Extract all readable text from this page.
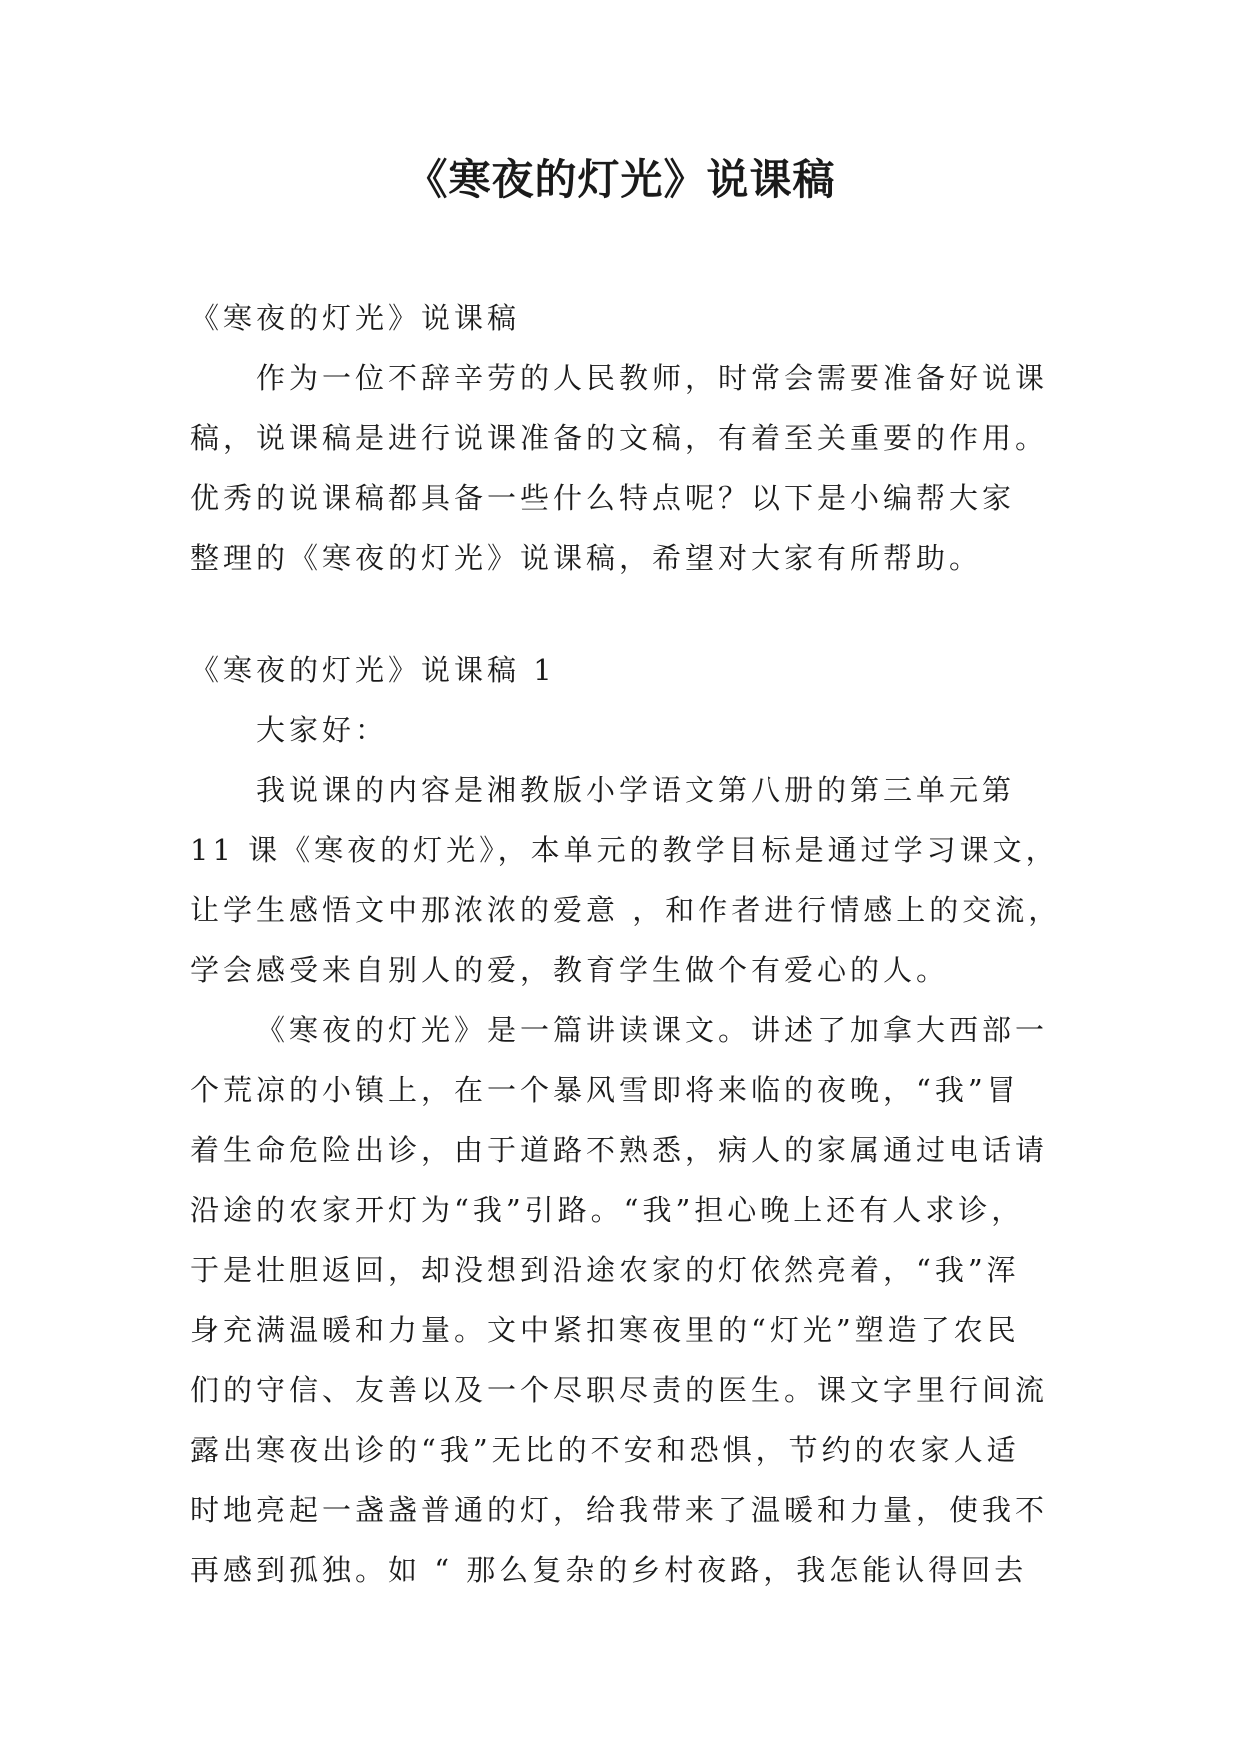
《寒夜的灯光》说课稿
《寒夜的灯光》说课稿
作为一位不辞辛劳的人民教师，时常会需要准备好说课
稿，说课稿是进行说课准备的文稿，有着至关重要的作用。
优秀的说课稿都具备一些什么特点呢？以下是小编帮大家
整理的《寒夜的灯光》说课稿，希望对大家有所帮助。
《寒夜的灯光》说课稿 1
大家好：
我说课的内容是湘教版小学语文第八册的第三单元第
11 课《寒夜的灯光》，本单元的教学目标是通过学习课文，
让学生感悟文中那浓浓的爱意 ，和作者进行情感上的交流，
学会感受来自别人的爱，教育学生做个有爱心的人。
《寒夜的灯光》是一篇讲读课文。讲述了加拿大西部一
个荒凉的小镇上，在一个暴风雪即将来临的夜晚，“我”冒
着生命危险出诊，由于道路不熟悉，病人的家属通过电话请
沿途的农家开灯为“我”引路。“我”担心晚上还有人求诊，
于是壮胆返回，却没想到沿途农家的灯依然亮着，“我”浑
身充满温暖和力量。文中紧扣寒夜里的“灯光”塑造了农民
们的守信、友善以及一个尽职尽责的医生。课文字里行间流
露出寒夜出诊的“我”无比的不安和恐惧，节约的农家人适
时地亮起一盏盏普通的灯，给我带来了温暖和力量，使我不
再感到孤独。如 “ 那么复杂的乡村夜路，我怎能认得回去
